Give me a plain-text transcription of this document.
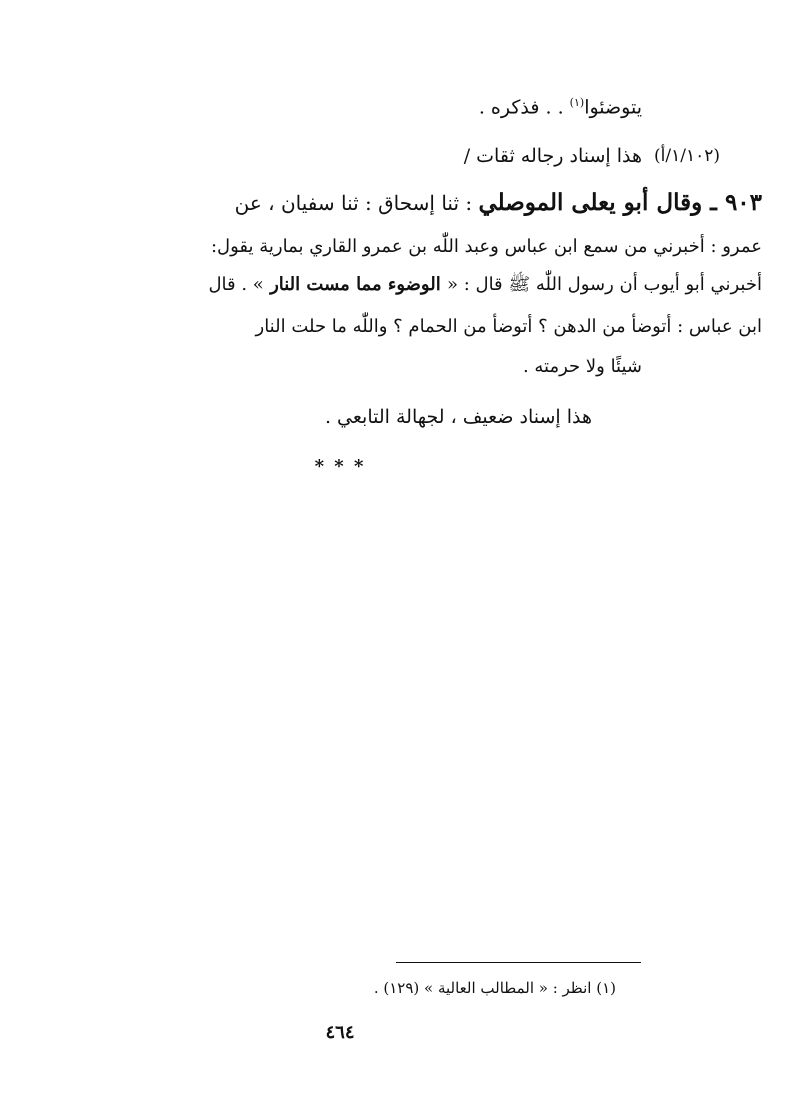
يتوضئوا$^{(١)}$ . . فذكره .
هذا إسناد رجاله ثقات / (١/١٠٢/أ)
٩٠٣ ـ وقال أبو يعلى الموصلي : ثنا إسحاق : ثنا سفيان ، عن
عمرو : أخبرني من سمع ابن عباس وعبد اللّٰه بن عمرو القاري بمارية يقول:
أخبرني أبو أيوب أن رسول اللّٰه ﷺ قال : « الوضوء مما مست النار » . قال
ابن عباس : أتوضأ من الدهن ؟ أتوضأ من الحمام ؟ واللّٰه ما حلت النار
شيئًا ولا حرمته .
هذا إسناد ضعيف ، لجهالة التابعي .
* * *
(١) انظر : « المطالب العالية » (١٢٩) .
٤٦٤
